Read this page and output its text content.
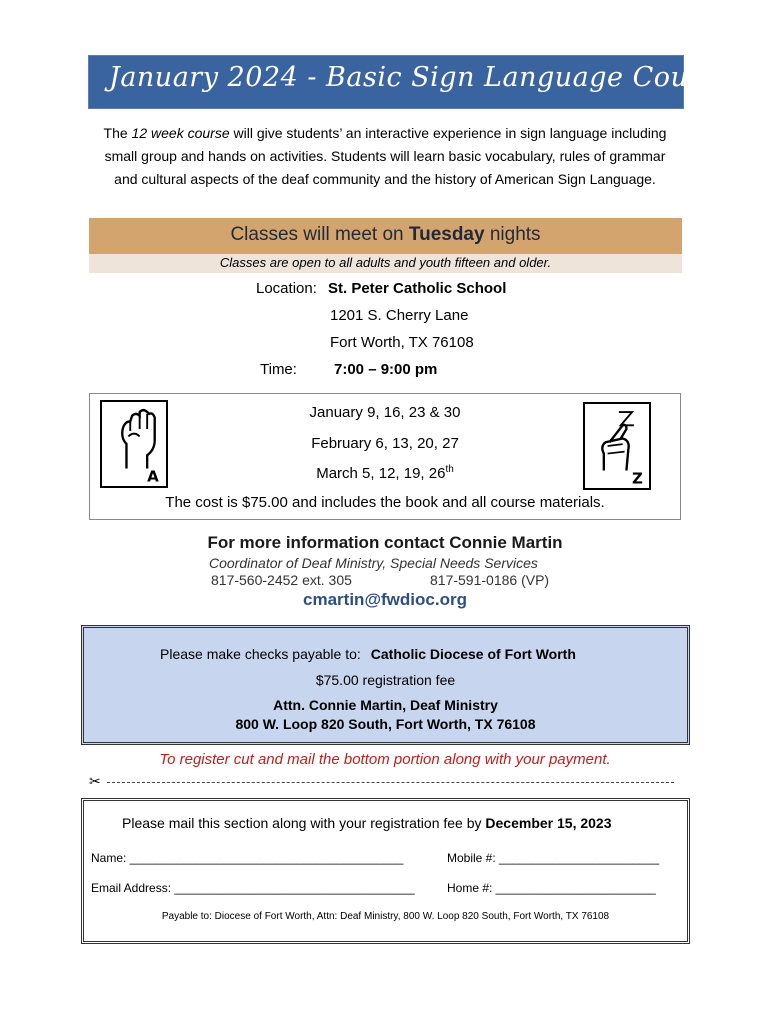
January 2024 - Basic Sign Language Course
The 12 week course will give students’ an interactive experience in sign language including small group and hands on activities. Students will learn basic vocabulary, rules of grammar and cultural aspects of the deaf community and the history of American Sign Language.
Classes will meet on Tuesday nights
Classes are open to all adults and youth fifteen and older.
Location: St. Peter Catholic School
1201 S. Cherry Lane
Fort Worth, TX 76108
Time: 7:00 – 9:00 pm
A	Z
January 9, 16, 23 & 30
February 6, 13, 20, 27
March 5, 12, 19, 26th
The cost is $75.00 and includes the book and all course materials.
For more information contact Connie Martin
Coordinator of Deaf Ministry, Special Needs Services
817-560-2452 ext. 305	817-591-0186 (VP)
cmartin@fwdioc.org
Please make checks payable to: Catholic Diocese of Fort Worth
$75.00 registration fee
Attn. Connie Martin, Deaf Ministry
800 W. Loop 820 South, Fort Worth, TX 76108
To register cut and mail the bottom portion along with your payment.
✂
Please mail this section along with your registration fee by December 15, 2023
Name: _________________________________________	Mobile #: ________________________
Email Address: ____________________________________	Home #: ________________________
Payable to: Diocese of Fort Worth, Attn: Deaf Ministry, 800 W. Loop 820 South, Fort Worth, TX 76108
